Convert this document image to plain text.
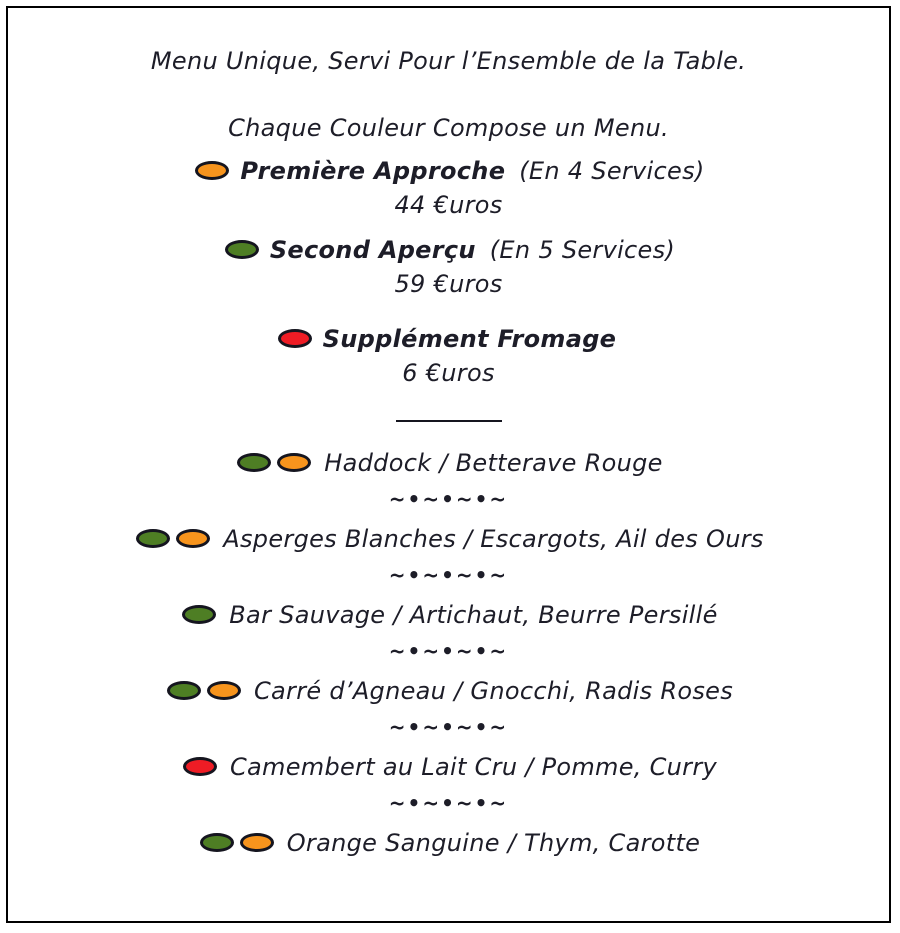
Menu Unique, Servi Pour l’Ensemble de la Table.
Chaque Couleur Compose un Menu.
Première Approche (En 4 Services)
44 €uros
Second Aperçu (En 5 Services)
59 €uros
Supplément Fromage
6 €uros
Haddock / Betterave Rouge
~•~•~•~
Asperges Blanches / Escargots, Ail des Ours
~•~•~•~
Bar Sauvage / Artichaut, Beurre Persillé
~•~•~•~
Carré d’Agneau / Gnocchi, Radis Roses
~•~•~•~
Camembert au Lait Cru / Pomme, Curry
~•~•~•~
Orange Sanguine / Thym, Carotte
